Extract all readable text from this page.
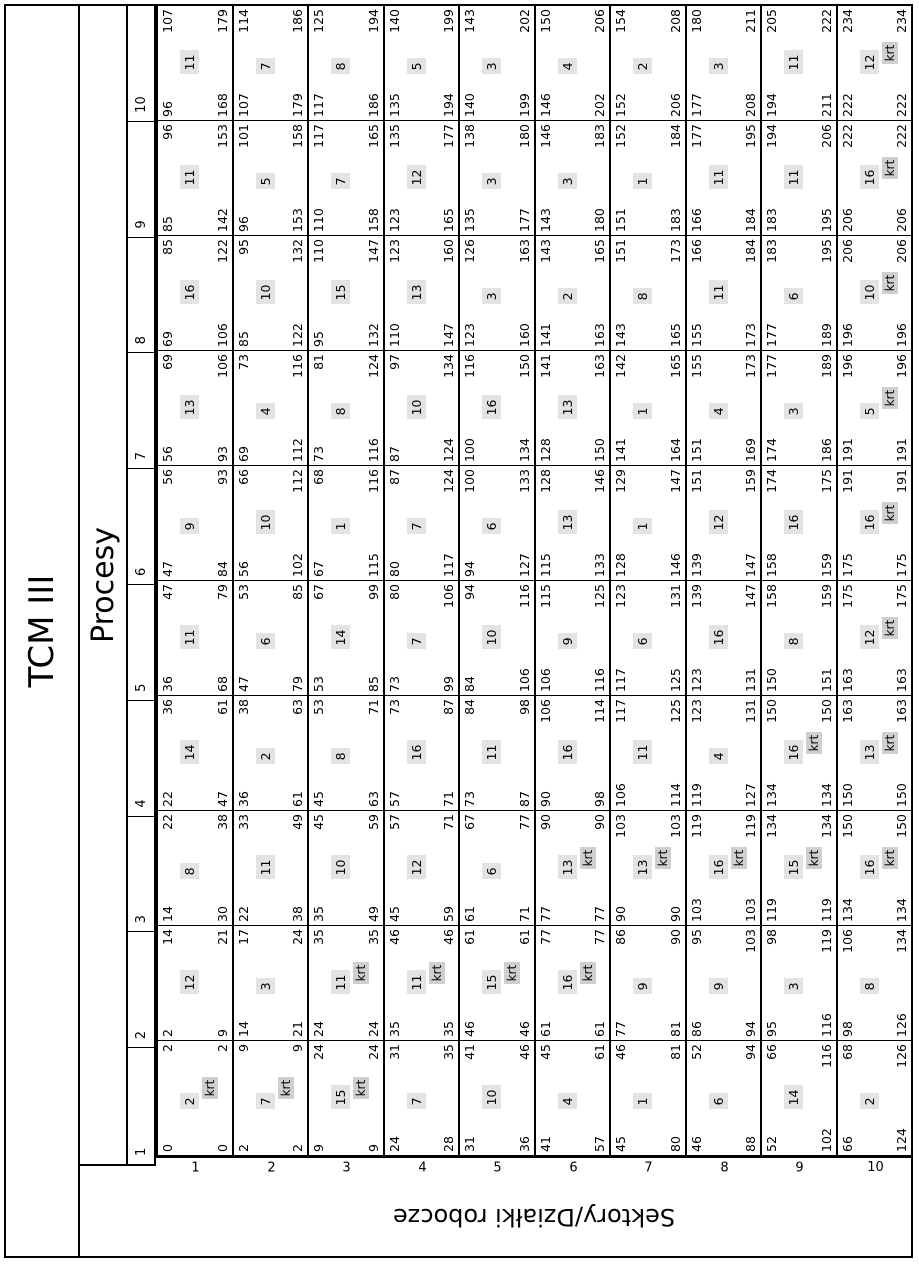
TCM III Procesy
1
2
3
4
5
6
7
8
9
10
Sektory/Działki robocze
1
0
2
2
0
2
krt
2
14
12
9
21
14
22
8
30
38
22
36
14
47
61
36
47
11
68
79
47
56
9
84
93
56
69
13
93
106
69
85
16
106
122
85
96
11
142
153
96
107
11
168
179
2
2
9
7
2
9
krt
14
17
3
21
24
22
33
11
38
49
36
38
2
61
63
47
53
6
79
85
56
66
10
102
112
69
73
4
112
116
85
95
10
122
132
96
101
5
153
158
107
114
7
179
186
3
9
24
15
9
24
krt
24
35
11
24
35
krt
35
45
10
49
59
45
53
8
63
71
53
67
14
85
99
67
68
1
115
116
73
81
8
116
124
95
110
15
132
147
110
117
7
158
165
117
125
8
186
194
4
24
31
7
28
35
35
46
11
35
46
krt
45
57
12
59
71
57
73
16
71
87
73
80
7
99
106
80
87
7
117
124
87
97
10
124
134
110
123
13
147
160
123
135
12
165
177
135
140
5
194
199
5
31
41
10
36
46
46
61
15
46
61
krt
61
67
6
71
77
73
84
11
87
98
84
94
10
106
116
94
100
6
127
133
100
116
16
134
150
123
126
3
160
163
135
138
3
177
180
140
143
3
199
202
6
41
45
4
57
61
61
77
16
61
77
krt
77
90
13
77
90
krt
90
106
16
98
114
106
115
9
116
125
115
128
13
133
146
128
141
13
150
163
141
143
2
163
165
143
146
3
180
183
146
150
4
202
206
7
45
46
1
80
81
77
86
9
81
90
90
103
13
90
103
krt
106
117
11
114
125
117
123
6
125
131
128
129
1
146
147
141
142
1
164
165
143
151
8
165
173
151
152
1
183
184
152
154
2
206
208
8
46
52
6
88
94
86
95
9
94
103
103
119
16
103
119
krt
119
123
4
127
131
123
139
16
131
147
139
151
12
147
159
151
155
4
169
173
155
166
11
173
184
166
177
11
184
195
177
180
3
208
211
9
52
66
14
102
116
95
98
3
116
119
119
134
15
119
134
krt
134
150
16
134
150
krt
150
158
8
151
159
158
174
16
159
175
174
177
3
186
189
177
183
6
189
195
183
194
11
195
206
194
205
11
211
222
10
66
68
2
124
126
98
106
8
126
134
134
150
16
134
150
krt
150
163
13
150
163
krt
163
175
12
163
175
krt
175
191
16
175
191
krt
191
196
5
191
196
krt
196
206
10
196
206
krt
206
222
16
206
222
krt
222
234
12
222
234
krt
